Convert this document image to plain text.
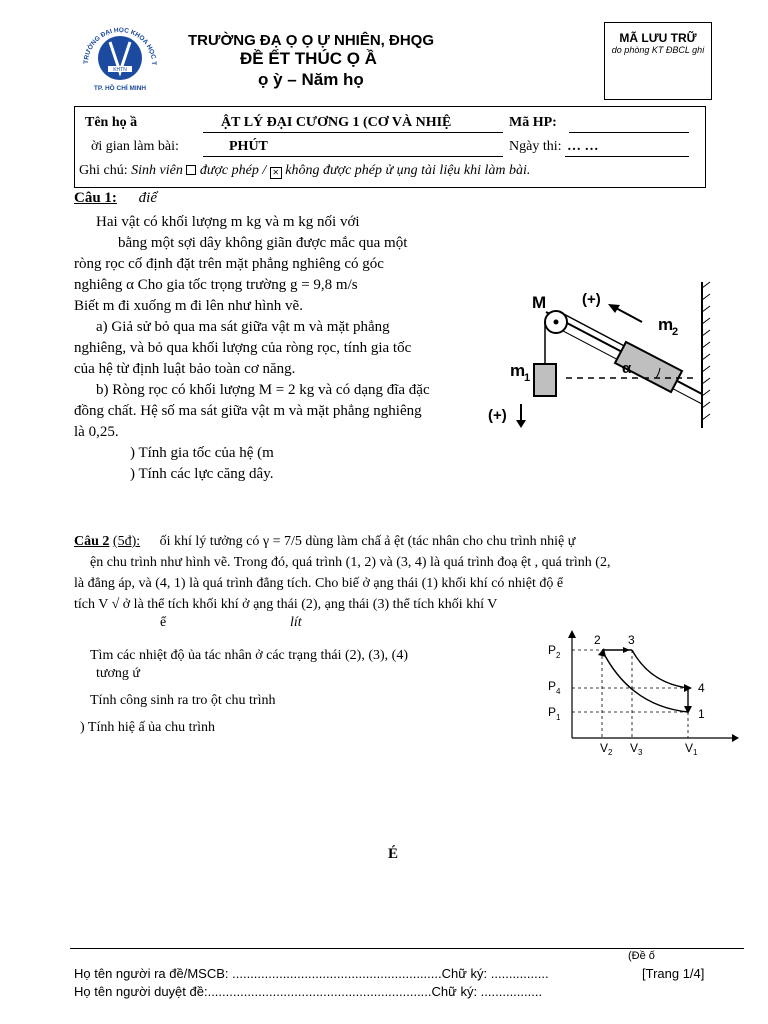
KHTN
TRƯỜNG ĐẠI HỌC KHOA HỌC T
TP. HỒ CHÍ MINH
TRƯỜNG ĐẠ Ọ Ọ Ự NHIÊN, ĐHQG
ĐỀ ẾT THÚC Ọ Ầ
ọ ỳ – Năm họ
MÃ LƯU TRỮ
do phòng KT ĐBCL ghi
Tên họ ầ	ẬT LÝ ĐẠI CƯƠNG 1 (CƠ VÀ NHIỆ	Mã HP:
ời gian làm bài:	PHÚT	Ngày thi: … …
Ghi chú: Sinh viên được phép / ✕ không được phép ử ụng tài liệu khi làm bài.
Câu 1: điể
Hai vật có khối lượng m kg và m kg nối với
bằng một sợi dây không giãn được mắc qua một
ròng rọc cố định đặt trên mặt phẳng nghiêng có góc
nghiêng α Cho gia tốc trọng trường g = 9,8 m/s
Biết m đi xuống m đi lên như hình vẽ.
a) Giả sử bỏ qua ma sát giữa vật m và mặt phẳng
nghiêng, và bỏ qua khối lượng của ròng rọc, tính gia tốc
của hệ từ định luật bảo toàn cơ năng.
b) Ròng rọc có khối lượng M = 2 kg và có dạng đĩa đặc
đồng chất. Hệ số ma sát giữa vật m và mặt phẳng nghiêng
là 0,25.
) Tính gia tốc của hệ (m
) Tính các lực căng dây.
M (+)
m
2
m
1
α
(+)
Câu 2 (5đ): ối khí lý tưởng có γ = 7/5 dùng làm chấ ả ệt (tác nhân cho chu trình nhiệ ự
ện chu trình như hình vẽ. Trong đó, quá trình (1, 2) và (3, 4) là quá trình đoạ ệt , quá trình (2,
là đẳng áp, và (4, 1) là quá trình đẳng tích. Cho biế ở ạng thái (1) khối khí có nhiệt độ ể
tích V √ ở là thể tích khối khí ở ạng thái (2), ạng thái (3) thể tích khối khí V
ể	lít
Tìm các nhiệt độ ủa tác nhân ở các trạng thái (2), (3), (4)
tương ứ
Tính công sinh ra tro ột chu trình
) Tính hiệ ấ ủa chu trình
P 2
P 4
P 1
V 2 V 3	V 1
2 3
4
1
É
(Đề ố
Họ tên người ra đề/MSCB: ..........................................................Chữ ký: ................	[Trang 1/4]
Họ tên người duyệt đề:..............................................................Chữ ký: .................
